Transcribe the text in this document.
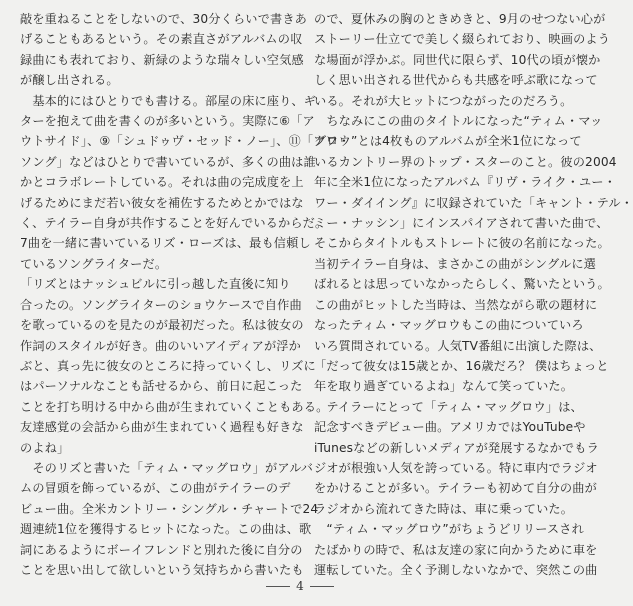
敲を重ねることをしないので、30分くらいで書きあ

げることもあるという。その素直さがアルバムの収

録曲にも表れており、新緑のような瑞々しい空気感

が醸し出される。

　基本的にはひとりでも書ける。部屋の床に座り、ギ

ターを抱えて曲を書くのが多いという。実際に⑥「ア

ウトサイド」、⑨「シュドゥヴ・セッド・ノー」、⑪「アワ・

ソング」などはひとりで書いているが、多くの曲は誰

かとコラボレートしている。それは曲の完成度を上

げるためにまだ若い彼女を補佐するためとかではな

く、テイラー自身が共作することを好んでいるからだ。

7曲を一緒に書いているリズ・ローズは、最も信頼し

ているソングライターだ。

「リズとはナッシュビルに引っ越した直後に知り

合ったの。ソングライターのショウケースで自作曲

を歌っているのを見たのが最初だった。私は彼女の

作詞のスタイルが好き。曲のいいアイディアが浮か

ぶと、真っ先に彼女のところに持っていくし、リズに

はパーソナルなことも話せるから、前日に起こった

ことを打ち明ける中から曲が生まれていくこともある。

友達感覚の会話から曲が生まれていく過程も好きな

のよね」

　そのリズと書いた「ティム・マッグロウ」がアルバ

ムの冒頭を飾っているが、この曲がテイラーのデ

ビュー曲。全米カントリー・シングル・チャートで24

週連続1位を獲得するヒットになった。この曲は、歌

詞にあるようにボーイフレンドと別れた後に自分の

ことを思い出して欲しいという気持ちから書いたも

ので、夏休みの胸のときめきと、9月のせつない心が

ストーリー仕立てで美しく綴られており、映画のよう

な場面が浮かぶ。同世代に限らず、10代の頃が懐か

しく思い出される世代からも共感を呼ぶ歌になって

いる。それが大ヒットにつながったのだろう。

　ちなみにこの曲のタイトルになった“ティム・マッ

グロウ”とは4枚ものアルバムが全米1位になって

いるカントリー界のトップ・スターのこと。彼の2004

年に全米1位になったアルバム『リヴ・ライク・ユー・

ワー・ダイイング』に収録されていた「キャント・テル・

ミー・ナッシン」にインスパイアされて書いた曲で、

そこからタイトルもストレートに彼の名前になった。

当初テイラー自身は、まさかこの曲がシングルに選

ばれるとは思っていなかったらしく、驚いたという。

この曲がヒットした当時は、当然ながら歌の題材に

なったティム・マッグロウもこの曲についていろ

いろ質問されている。人気TV番組に出演した際は、

「だって彼女は15歳とか、16歳だろ？ 僕はちょっと

年を取り過ぎているよね」なんて笑っていた。

　テイラーにとって「ティム・マッグロウ」は、

記念すべきデビュー曲。アメリカではYouTubeや

iTunesなどの新しいメディアが発展するなかでもラ

ジオが根強い人気を誇っている。特に車内でラジオ

をかけることが多い。テイラーも初めて自分の曲が

ラジオから流れてきた時は、車に乗っていた。

　“ティム・マッグロウ”がちょうどリリースされ

たばかりの時で、私は友達の家に向かうために車を

運転していた。全く予測しないなかで、突然この曲

4
